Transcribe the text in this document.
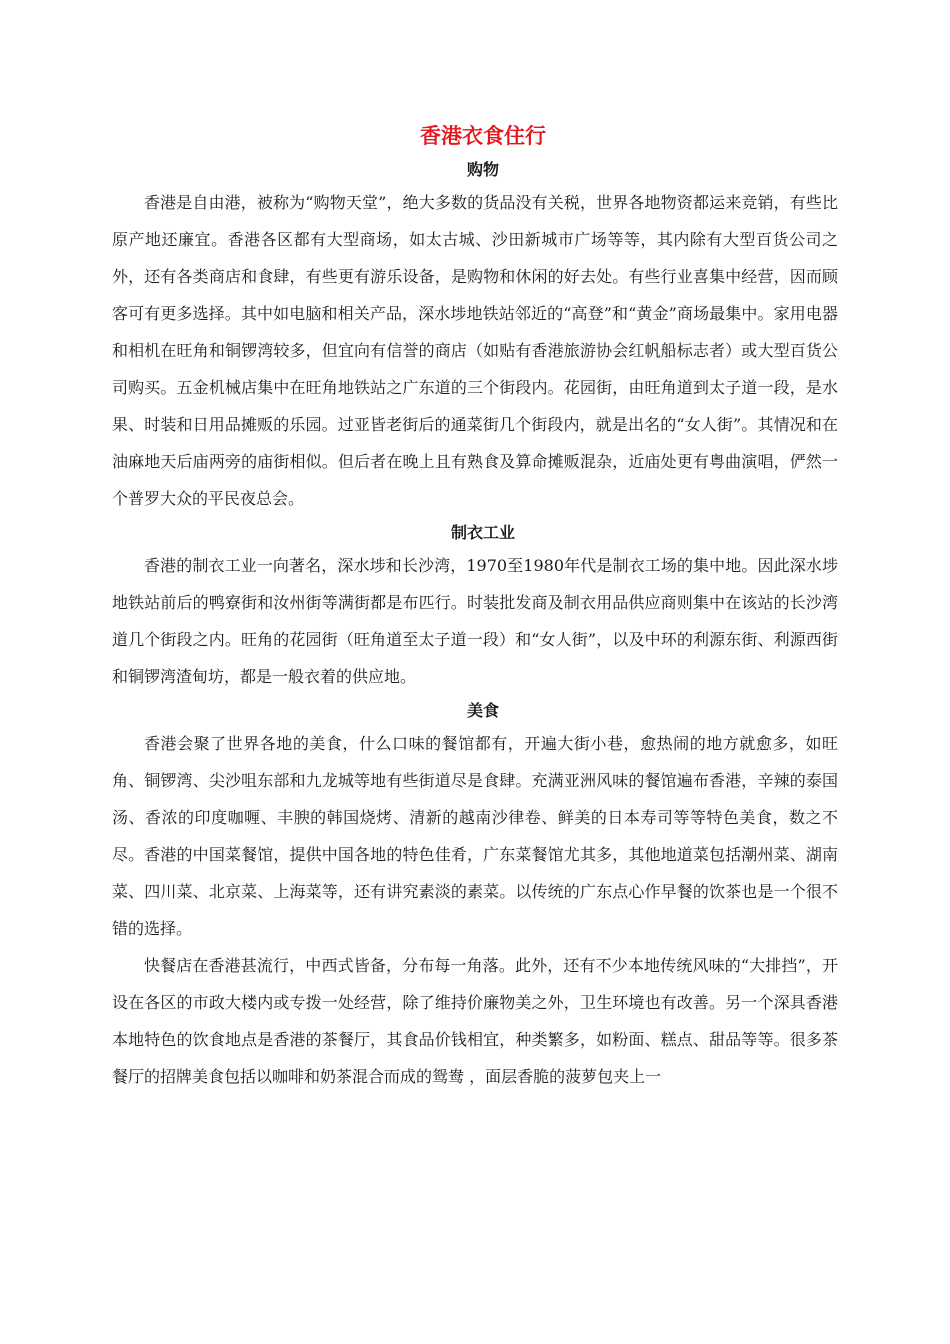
香港衣食住行
购物

香港是自由港，被称为“购物天堂”，绝大多数的货品没有关税，世界各地物资都运来竞销，有些比原产地还廉宜。香港各区都有大型商场，如太古城、沙田新城市广场等等，其内除有大型百货公司之外，还有各类商店和食肆，有些更有游乐设备，是购物和休闲的好去处。有些行业喜集中经营，因而顾客可有更多选择。其中如电脑和相关产品，深水埗地铁站邻近的“高登”和“黄金”商场最集中。家用电器和相机在旺角和铜锣湾较多，但宜向有信誉的商店（如贴有香港旅游协会红帆船标志者）或大型百货公司购买。五金机械店集中在旺角地铁站之广东道的三个街段内。花园街，由旺角道到太子道一段，是水果、时装和日用品摊贩的乐园。过亚皆老街后的通菜街几个街段内，就是出名的“女人街”。其情况和在油麻地天后庙两旁的庙街相似。但后者在晚上且有熟食及算命摊贩混杂，近庙处更有粤曲演唱，俨然一个普罗大众的平民夜总会。

制衣工业

香港的制衣工业一向著名，深水埗和长沙湾，1970至1980年代是制衣工场的集中地。因此深水埗地铁站前后的鸭寮街和汝州街等满街都是布匹行。时装批发商及制衣用品供应商则集中在该站的长沙湾道几个街段之内。旺角的花园街（旺角道至太子道一段）和“女人街”，以及中环的利源东街、利源西街和铜锣湾渣甸坊，都是一般衣着的供应地。

美食

香港会聚了世界各地的美食，什么口味的餐馆都有，开遍大街小巷，愈热闹的地方就愈多，如旺角、铜锣湾、尖沙咀东部和九龙城等地有些街道尽是食肆。充满亚洲风味的餐馆遍布香港，辛辣的泰国汤、香浓的印度咖喱、丰腴的韩国烧烤、清新的越南沙律卷、鲜美的日本寿司等等特色美食，数之不尽。香港的中国菜餐馆，提供中国各地的特色佳肴，广东菜餐馆尤其多，其他地道菜包括潮州菜、湖南菜、四川菜、北京菜、上海菜等，还有讲究素淡的素菜。以传统的广东点心作早餐的饮茶也是一个很不错的选择。

快餐店在香港甚流行，中西式皆备，分布每一角落。此外，还有不少本地传统风味的“大排挡”，开设在各区的市政大楼内或专拨一处经营，除了维持价廉物美之外，卫生环境也有改善。另一个深具香港本地特色的饮食地点是香港的茶餐厅，其食品价钱相宜，种类繁多，如粉面、糕点、甜品等等。很多茶餐厅的招牌美食包括以咖啡和奶茶混合而成的鸳鸯 ，面层香脆的菠萝包夹上一
